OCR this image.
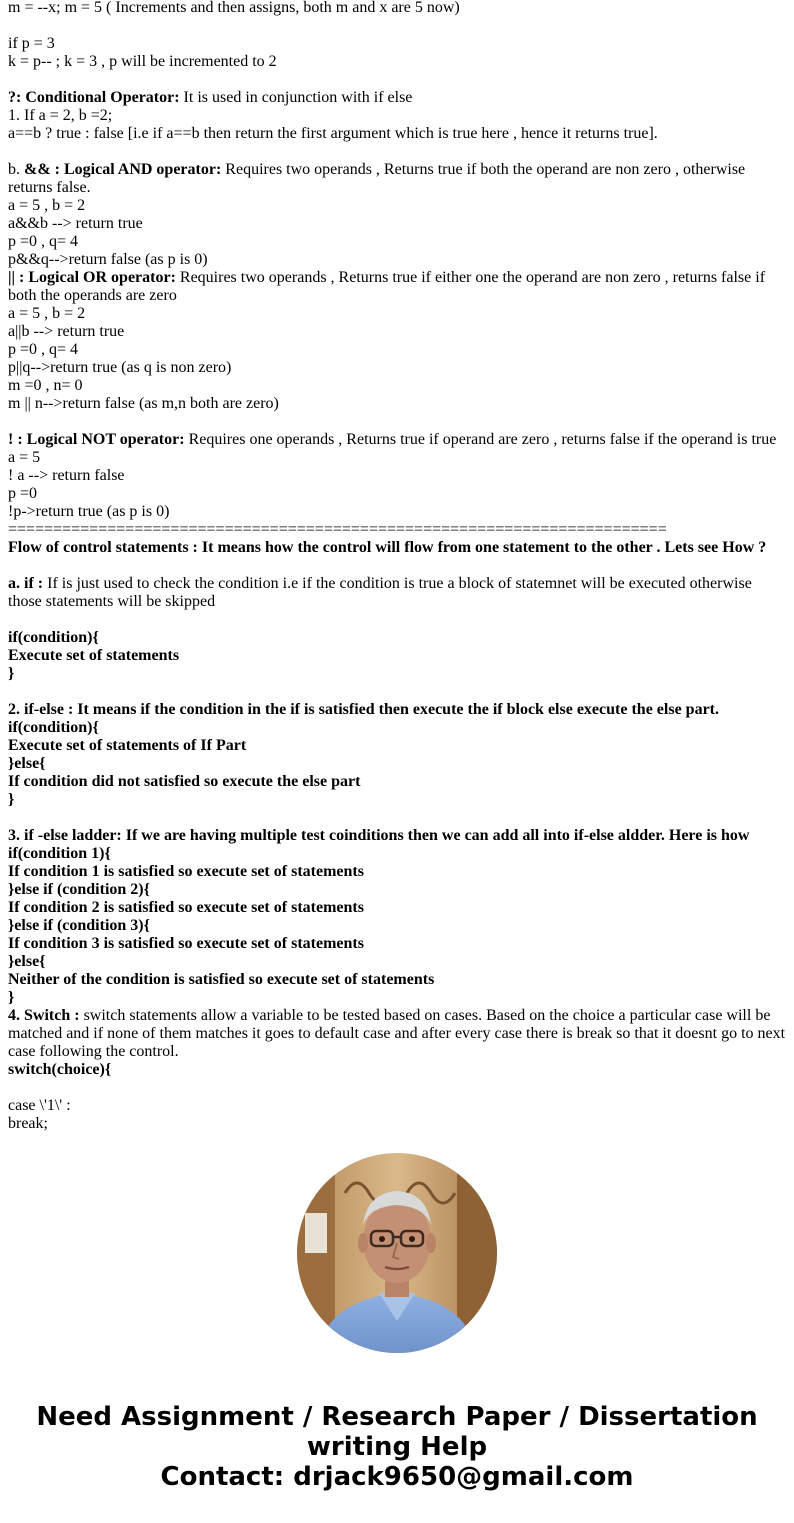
m = --x; m = 5 ( Increments and then assigns, both m and x are 5 now)
if p = 3
k = p-- ; k = 3 , p will be incremented to 2
?: Conditional Operator: It is used in conjunction with if else
1. If a = 2, b =2;
a==b ? true : false [i.e if a==b then return the first argument which is true here , hence it returns true].
b. && : Logical AND operator: Requires two operands , Returns true if both the operand are non zero , otherwise returns false.
a = 5 , b = 2
a&&b --> return true
p =0 , q= 4
p&&q-->return false (as p is 0)
|| : Logical OR operator: Requires two operands , Returns true if either one the operand are non zero , returns false if both the operands are zero
a = 5 , b = 2
a||b --> return true
p =0 , q= 4
p||q-->return true (as q is non zero)
m =0 , n= 0
m || n-->return false (as m,n both are zero)
! : Logical NOT operator: Requires one operands , Returns true if operand are zero , returns false if the operand is true
a = 5
! a --> return false
p =0
!p->return true (as p is 0)
=========================================================================
Flow of control statements : It means how the control will flow from one statement to the other . Lets see How ?
a. if : If is just used to check the condition i.e if the condition is true a block of statemnet will be executed otherwise those statements will be skipped
if(condition){
Execute set of statements
}
2. if-else : It means if the condition in the if is satisfied then execute the if block else execute the else part.
if(condition){
Execute set of statements of If Part
}else{
If condition did not satisfied so execute the else part
}
3. if -else ladder: If we are having multiple test coinditions then we can add all into if-else aldder. Here is how
if(condition 1){
If condition 1 is satisfied so execute set of statements
}else if (condition 2){
If condition 2 is satisfied so execute set of statements
}else if (condition 3){
If condition 3 is satisfied so execute set of statements
}else{
Neither of the condition is satisfied so execute set of statements
}
4. Switch : switch statements allow a variable to be tested based on cases. Based on the choice a particular case will be matched and if none of them matches it goes to default case and after every case there is break so that it doesnt go to next case following the control.
switch(choice){
case \'1\' :
break;
Need Assignment / Research Paper / Dissertation writing Help
Contact: drjack9650@gmail.com
